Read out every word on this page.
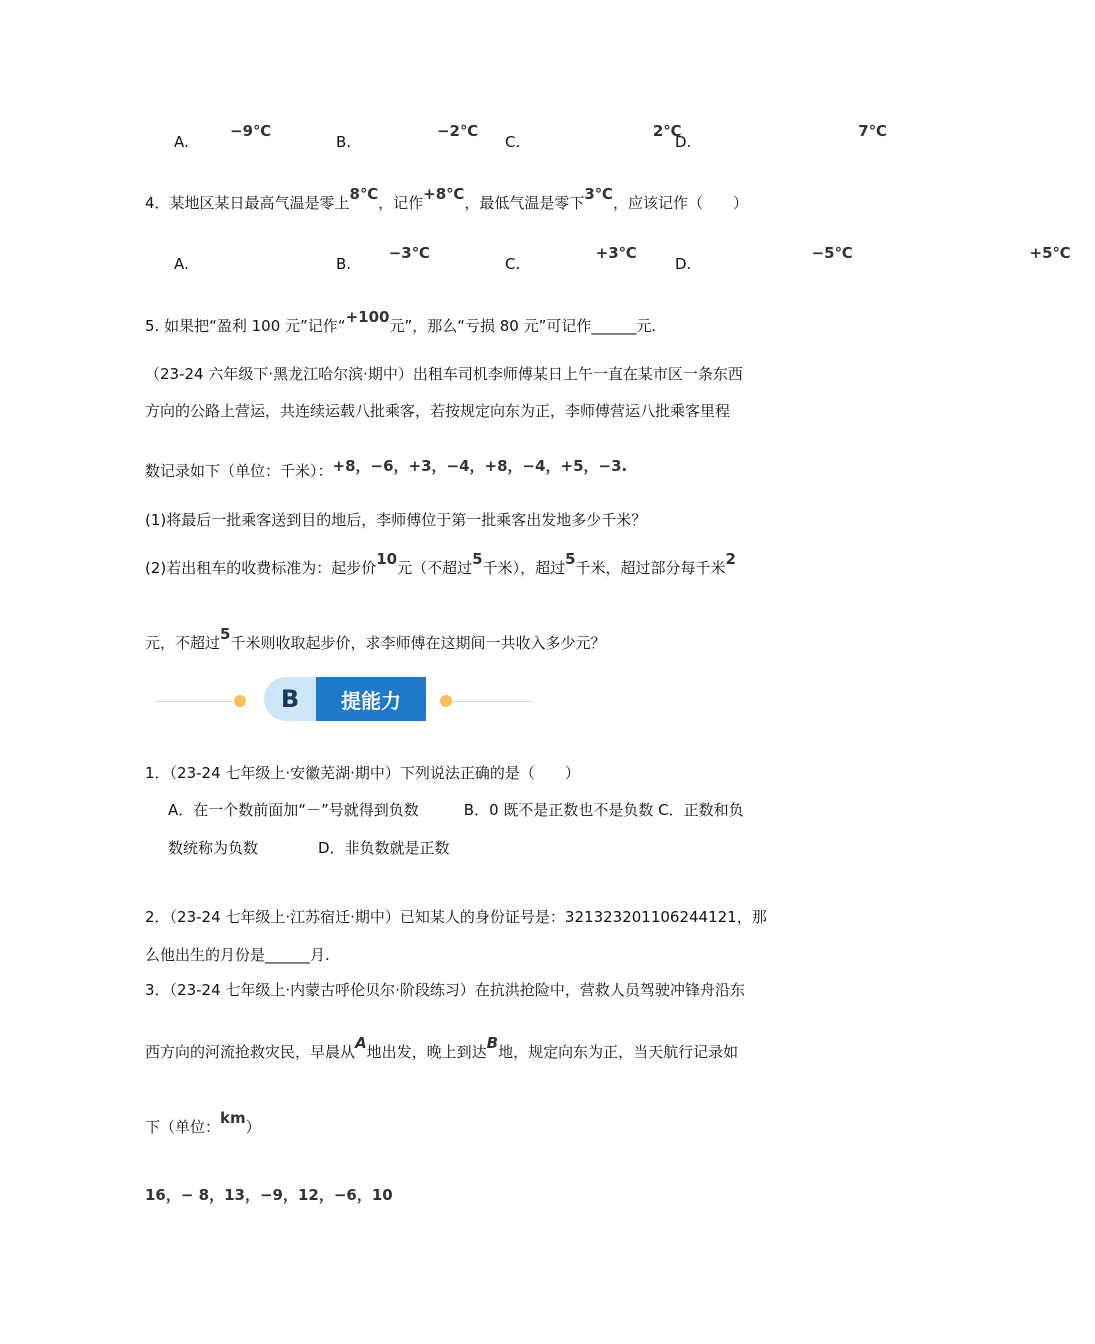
A.
−9℃
B.
−2℃
C.
2℃
D.
7℃
4．某地区某日最高气温是零上8℃，记作+8℃，最低气温是零下3℃，应该记作（　　）
A.
−3℃
B.
+3℃
C.
−5℃
D.
+5℃
5. 如果把“盈利 100 元”记作“+100元”，那么“亏损 80 元”可记作______元.
（23-24 六年级下·黑龙江哈尔滨·期中）出租车司机李师傅某日上午一直在某市区一条东西
方向的公路上营运，共连续运载八批乘客，若按规定向东为正，李师傅营运八批乘客里程
数记录如下（单位：千米）：+8，−6，+3，−4，+8，−4，+5，−3.
(1)将最后一批乘客送到目的地后，李师傅位于第一批乘客出发地多少千米？
(2)若出租车的收费标准为：起步价10元（不超过5千米），超过5千米，超过部分每千米2
元，不超过5千米则收取起步价，求李师傅在这期间一共收入多少元？
B	提能力
1．（23-24 七年级上·安徽芜湖·期中）下列说法正确的是（　　）
A．在一个数前面加“－”号就得到负数　　　B．0 既不是正数也不是负数 C．正数和负
数统称为负数　　　　D．非负数就是正数
2．（23-24 七年级上·江苏宿迁·期中）已知某人的身份证号是：321323201106244121，那
么他出生的月份是______月.
3．（23-24 七年级上·内蒙古呼伦贝尔·阶段练习）在抗洪抢险中，营救人员驾驶冲锋舟沿东
西方向的河流抢救灾民，早晨从A地出发，晚上到达B地，规定向东为正，当天航行记录如
下（单位：km）
16，− 8，13，−9，12，−6，10
